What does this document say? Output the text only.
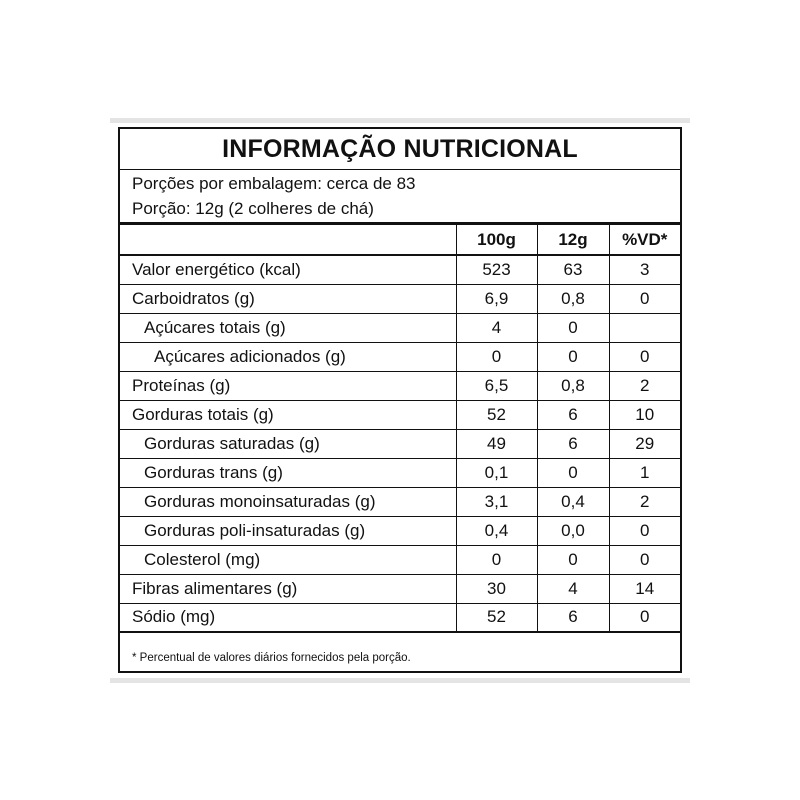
INFORMAÇÃO NUTRICIONAL
Porções por embalagem: cerca de 83
Porção: 12g (2 colheres de chá)
	100g	12g	%VD*
Valor energético (kcal)	523	63	3
Carboidratos (g)	6,9	0,8	0
Açúcares totais (g)	4	0	
Açúcares adicionados (g)	0	0	0
Proteínas (g)	6,5	0,8	2
Gorduras totais (g)	52	6	10
Gorduras saturadas (g)	49	6	29
Gorduras trans (g)	0,1	0	1
Gorduras monoinsaturadas (g)	3,1	0,4	2
Gorduras poli-insaturadas (g)	0,4	0,0	0
Colesterol (mg)	0	0	0
Fibras alimentares (g)	30	4	14
Sódio (mg)	52	6	0
* Percentual de valores diários fornecidos pela porção.
